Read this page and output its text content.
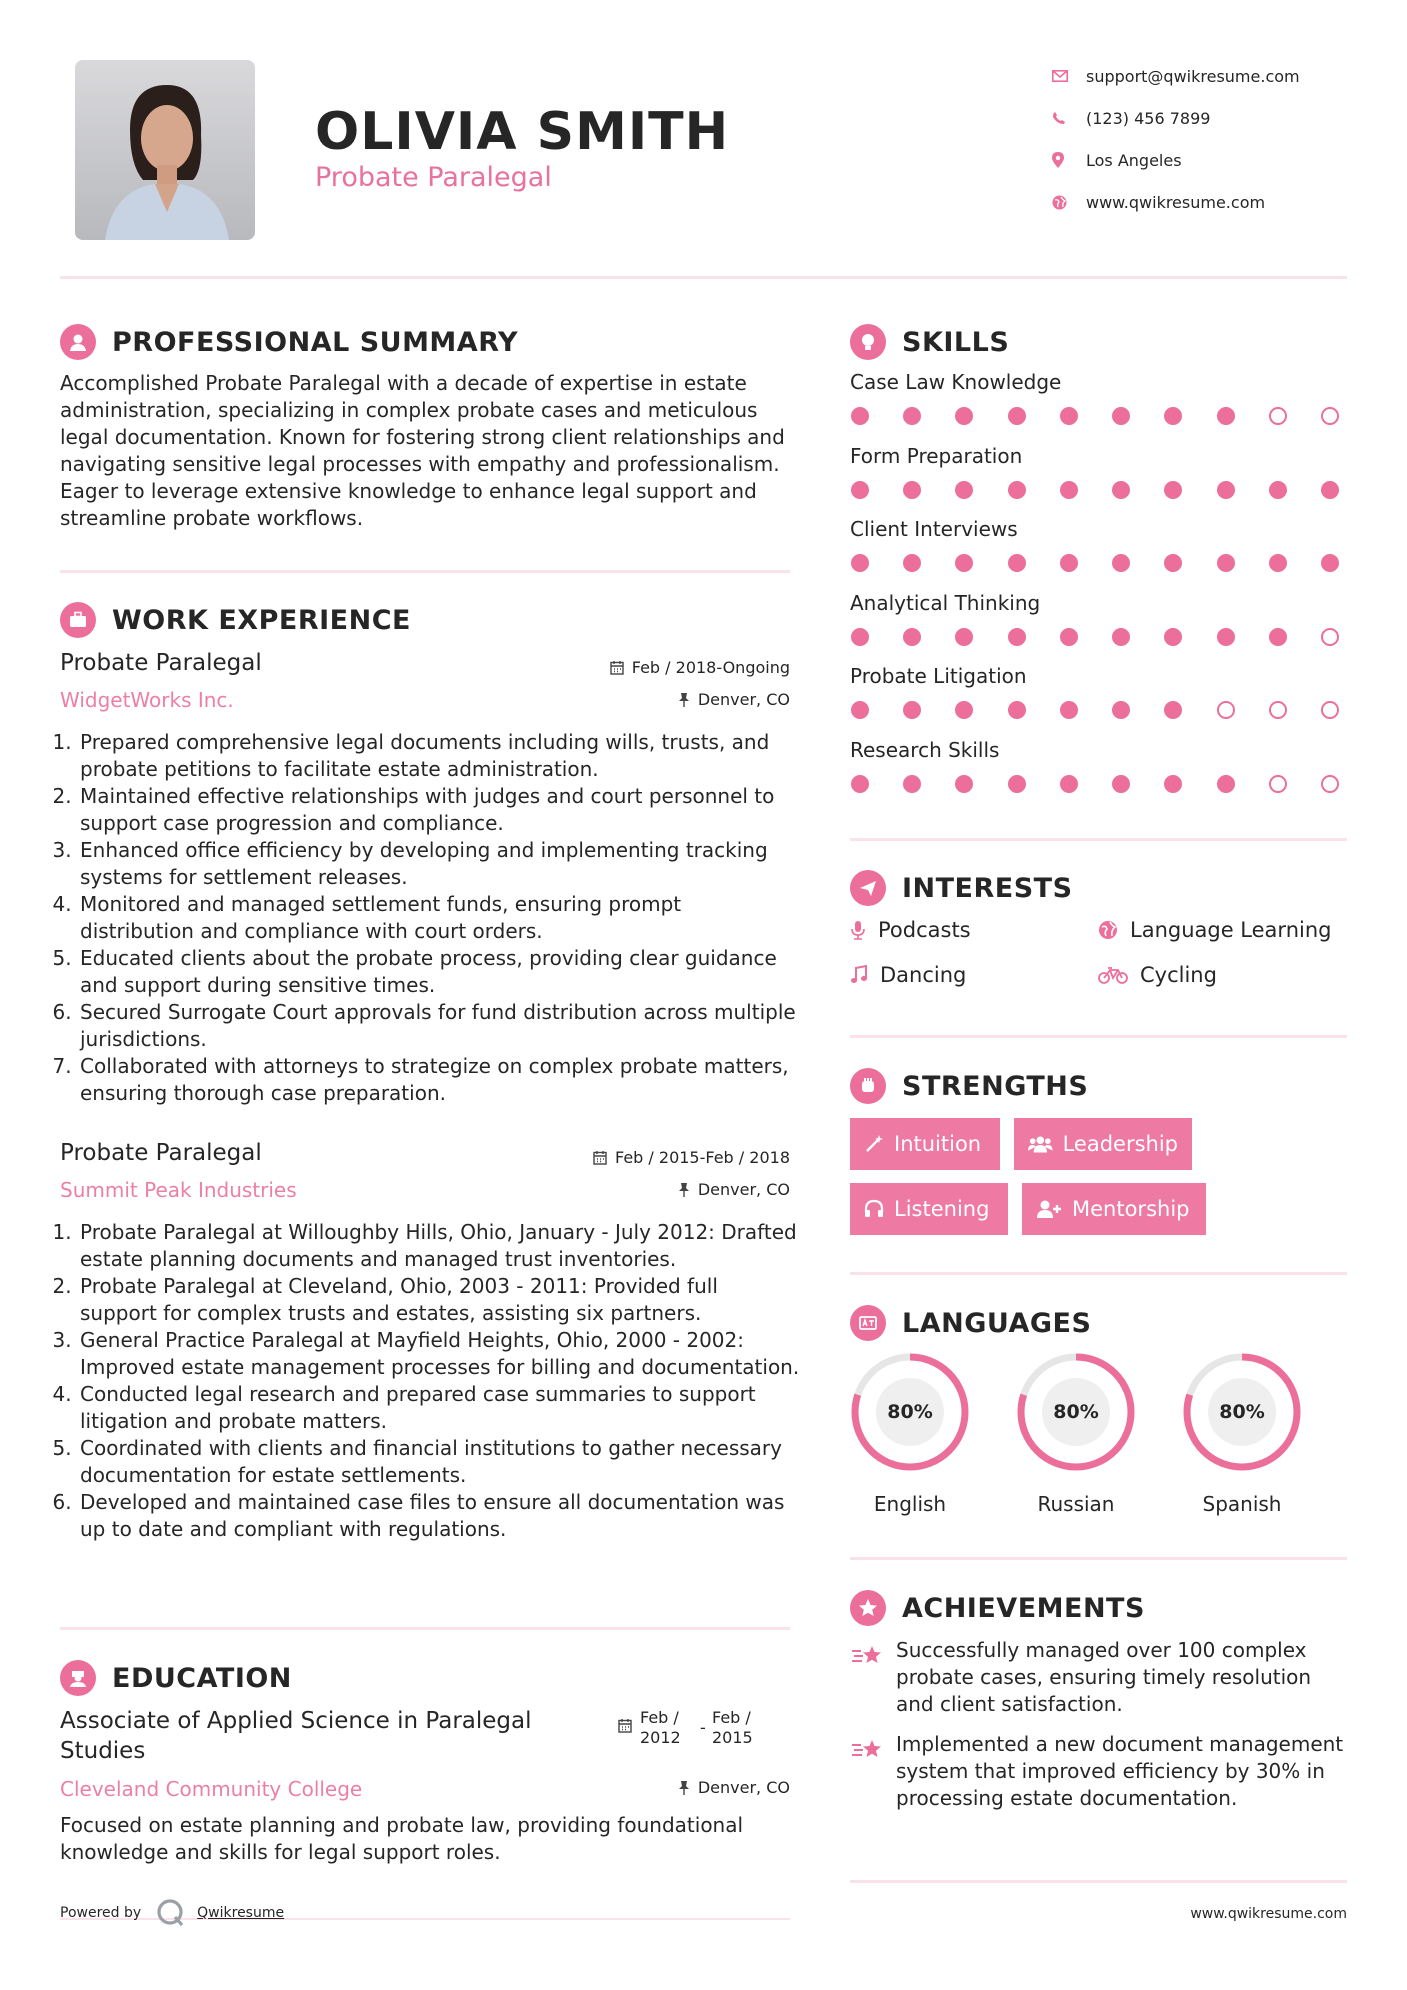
OLIVIA SMITH
Probate Paralegal
support@qwikresume.com
(123) 456 7899
Los Angeles
www.qwikresume.com
PROFESSIONAL SUMMARY
Accomplished Probate Paralegal with a decade of expertise in estate administration, specializing in complex probate cases and meticulous legal documentation. Known for fostering strong client relationships and navigating sensitive legal processes with empathy and professionalism. Eager to leverage extensive knowledge to enhance legal support and streamline probate workflows.
WORK EXPERIENCE
Probate Paralegal
WidgetWorks Inc.
Feb / 2018-Ongoing
Denver, CO
1. Prepared comprehensive legal documents including wills, trusts, and probate petitions to facilitate estate administration.
2. Maintained effective relationships with judges and court personnel to support case progression and compliance.
3. Enhanced office efficiency by developing and implementing tracking systems for settlement releases.
4. Monitored and managed settlement funds, ensuring prompt distribution and compliance with court orders.
5. Educated clients about the probate process, providing clear guidance and support during sensitive times.
6. Secured Surrogate Court approvals for fund distribution across multiple jurisdictions.
7. Collaborated with attorneys to strategize on complex probate matters, ensuring thorough case preparation.
Probate Paralegal
Summit Peak Industries
Feb / 2015-Feb / 2018
Denver, CO
1. Probate Paralegal at Willoughby Hills, Ohio, January - July 2012: Drafted estate planning documents and managed trust inventories.
2. Probate Paralegal at Cleveland, Ohio, 2003 - 2011: Provided full support for complex trusts and estates, assisting six partners.
3. General Practice Paralegal at Mayfield Heights, Ohio, 2000 - 2002: Improved estate management processes for billing and documentation.
4. Conducted legal research and prepared case summaries to support litigation and probate matters.
5. Coordinated with clients and financial institutions to gather necessary documentation for estate settlements.
6. Developed and maintained case files to ensure all documentation was up to date and compliant with regulations.
EDUCATION
Associate of Applied Science in Paralegal Studies
Feb / 2012
-
Feb / 2015
Cleveland Community College	Denver, CO
Focused on estate planning and probate law, providing foundational knowledge and skills for legal support roles.
SKILLS
Case Law Knowledge
Form Preparation
Client Interviews
Analytical Thinking
Probate Litigation
Research Skills
INTERESTS
Podcasts	Language Learning
Dancing	Cycling
STRENGTHS
Intuition	Leadership
Listening	Mentorship
LANGUAGES
80%
English
80%
Russian
80%
Spanish
ACHIEVEMENTS
Successfully managed over 100 complex probate cases, ensuring timely resolution and client satisfaction.
Implemented a new document management system that improved efficiency by 30% in processing estate documentation.
Powered by	Qwikresume	www.qwikresume.com
